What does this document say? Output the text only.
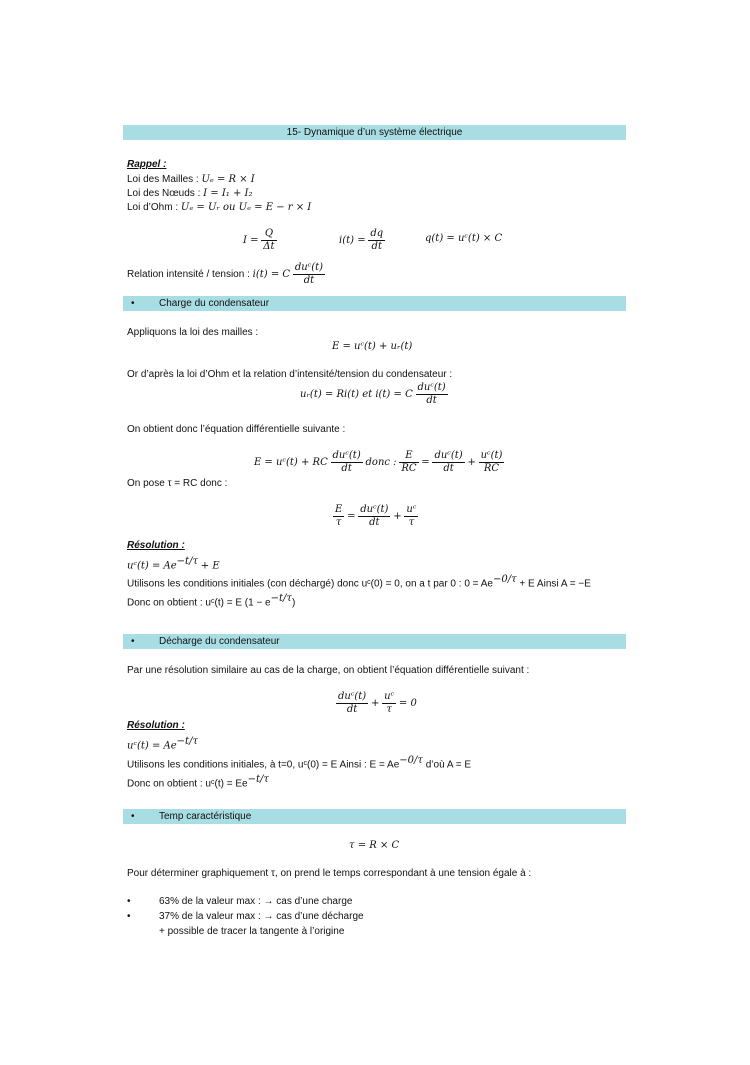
15- Dynamique d’un système électrique
Rappel :
Loi des Mailles : Uₑ = R × I
Loi des Nœuds : I = I₁ + I₂
Loi d’Ohm : Uₑ = Uᵣ ou Uₑ = E − r × I
$I = \frac{Q}{\Delta t}$	$i(t) = \frac{dq}{dt}$	q(t) = uᶜ(t) × C
Relation intensité / tension : i(t) = C $\frac{\text{duᶜ(t)}}{dt}$
• Charge du condensateur
Appliquons la loi des mailles :
E = uᶜ(t) + uᵣ(t)
Or d’après la loi d’Ohm et la relation d’intensité/tension du condensateur :
uᵣ(t) = Ri(t) et i(t) = C $\frac{\text{duᶜ(t)}}{dt}$
On obtient donc l’équation différentielle suivante :
E = uᶜ(t) + RC $\frac{\text{duᶜ(t)}}{dt}$ donc : $\frac{E}{RC} = \frac{\text{duᶜ(t)}}{dt} + \frac{\text{uᶜ(t)}}{RC}$
On pose τ = RC donc :
$\frac{E}{\tau} = \frac{\text{duᶜ(t)}}{dt} + \frac{\text{uᶜ}}{\tau}$
Résolution :
uᶜ(t) = $Ae^{-t/\tau} + E$
Utilisons les conditions initiales (con déchargé) donc uᶜ(0) = 0, on a t par 0 : $0 = Ae^{-0/\tau} + E$ Ainsi A = −E
Donc on obtient : uᶜ(t) = E $(1 - e^{-t/\tau})$
• Décharge du condensateur
Par une résolution similaire au cas de la charge, on obtient l’équation différentielle suivant :
$\frac{\text{duᶜ(t)}}{dt} + \frac{\text{uᶜ}}{\tau} = 0$
Résolution :
uᶜ(t) = $Ae^{-t/\tau}$
Utilisons les conditions initiales, à t=0, uᶜ(0) = E Ainsi : $E = Ae^{-0/\tau}$ d’où A = E
Donc on obtient : uᶜ(t) = $Ee^{-t/\tau}$
• Temp caractéristique
τ = R × C
Pour déterminer graphiquement τ, on prend le temps correspondant à une tension égale à :
•	63% de la valeur max : → cas d’une charge
•	37% de la valeur max : → cas d’une décharge
+ possible de tracer la tangente à l’origine
